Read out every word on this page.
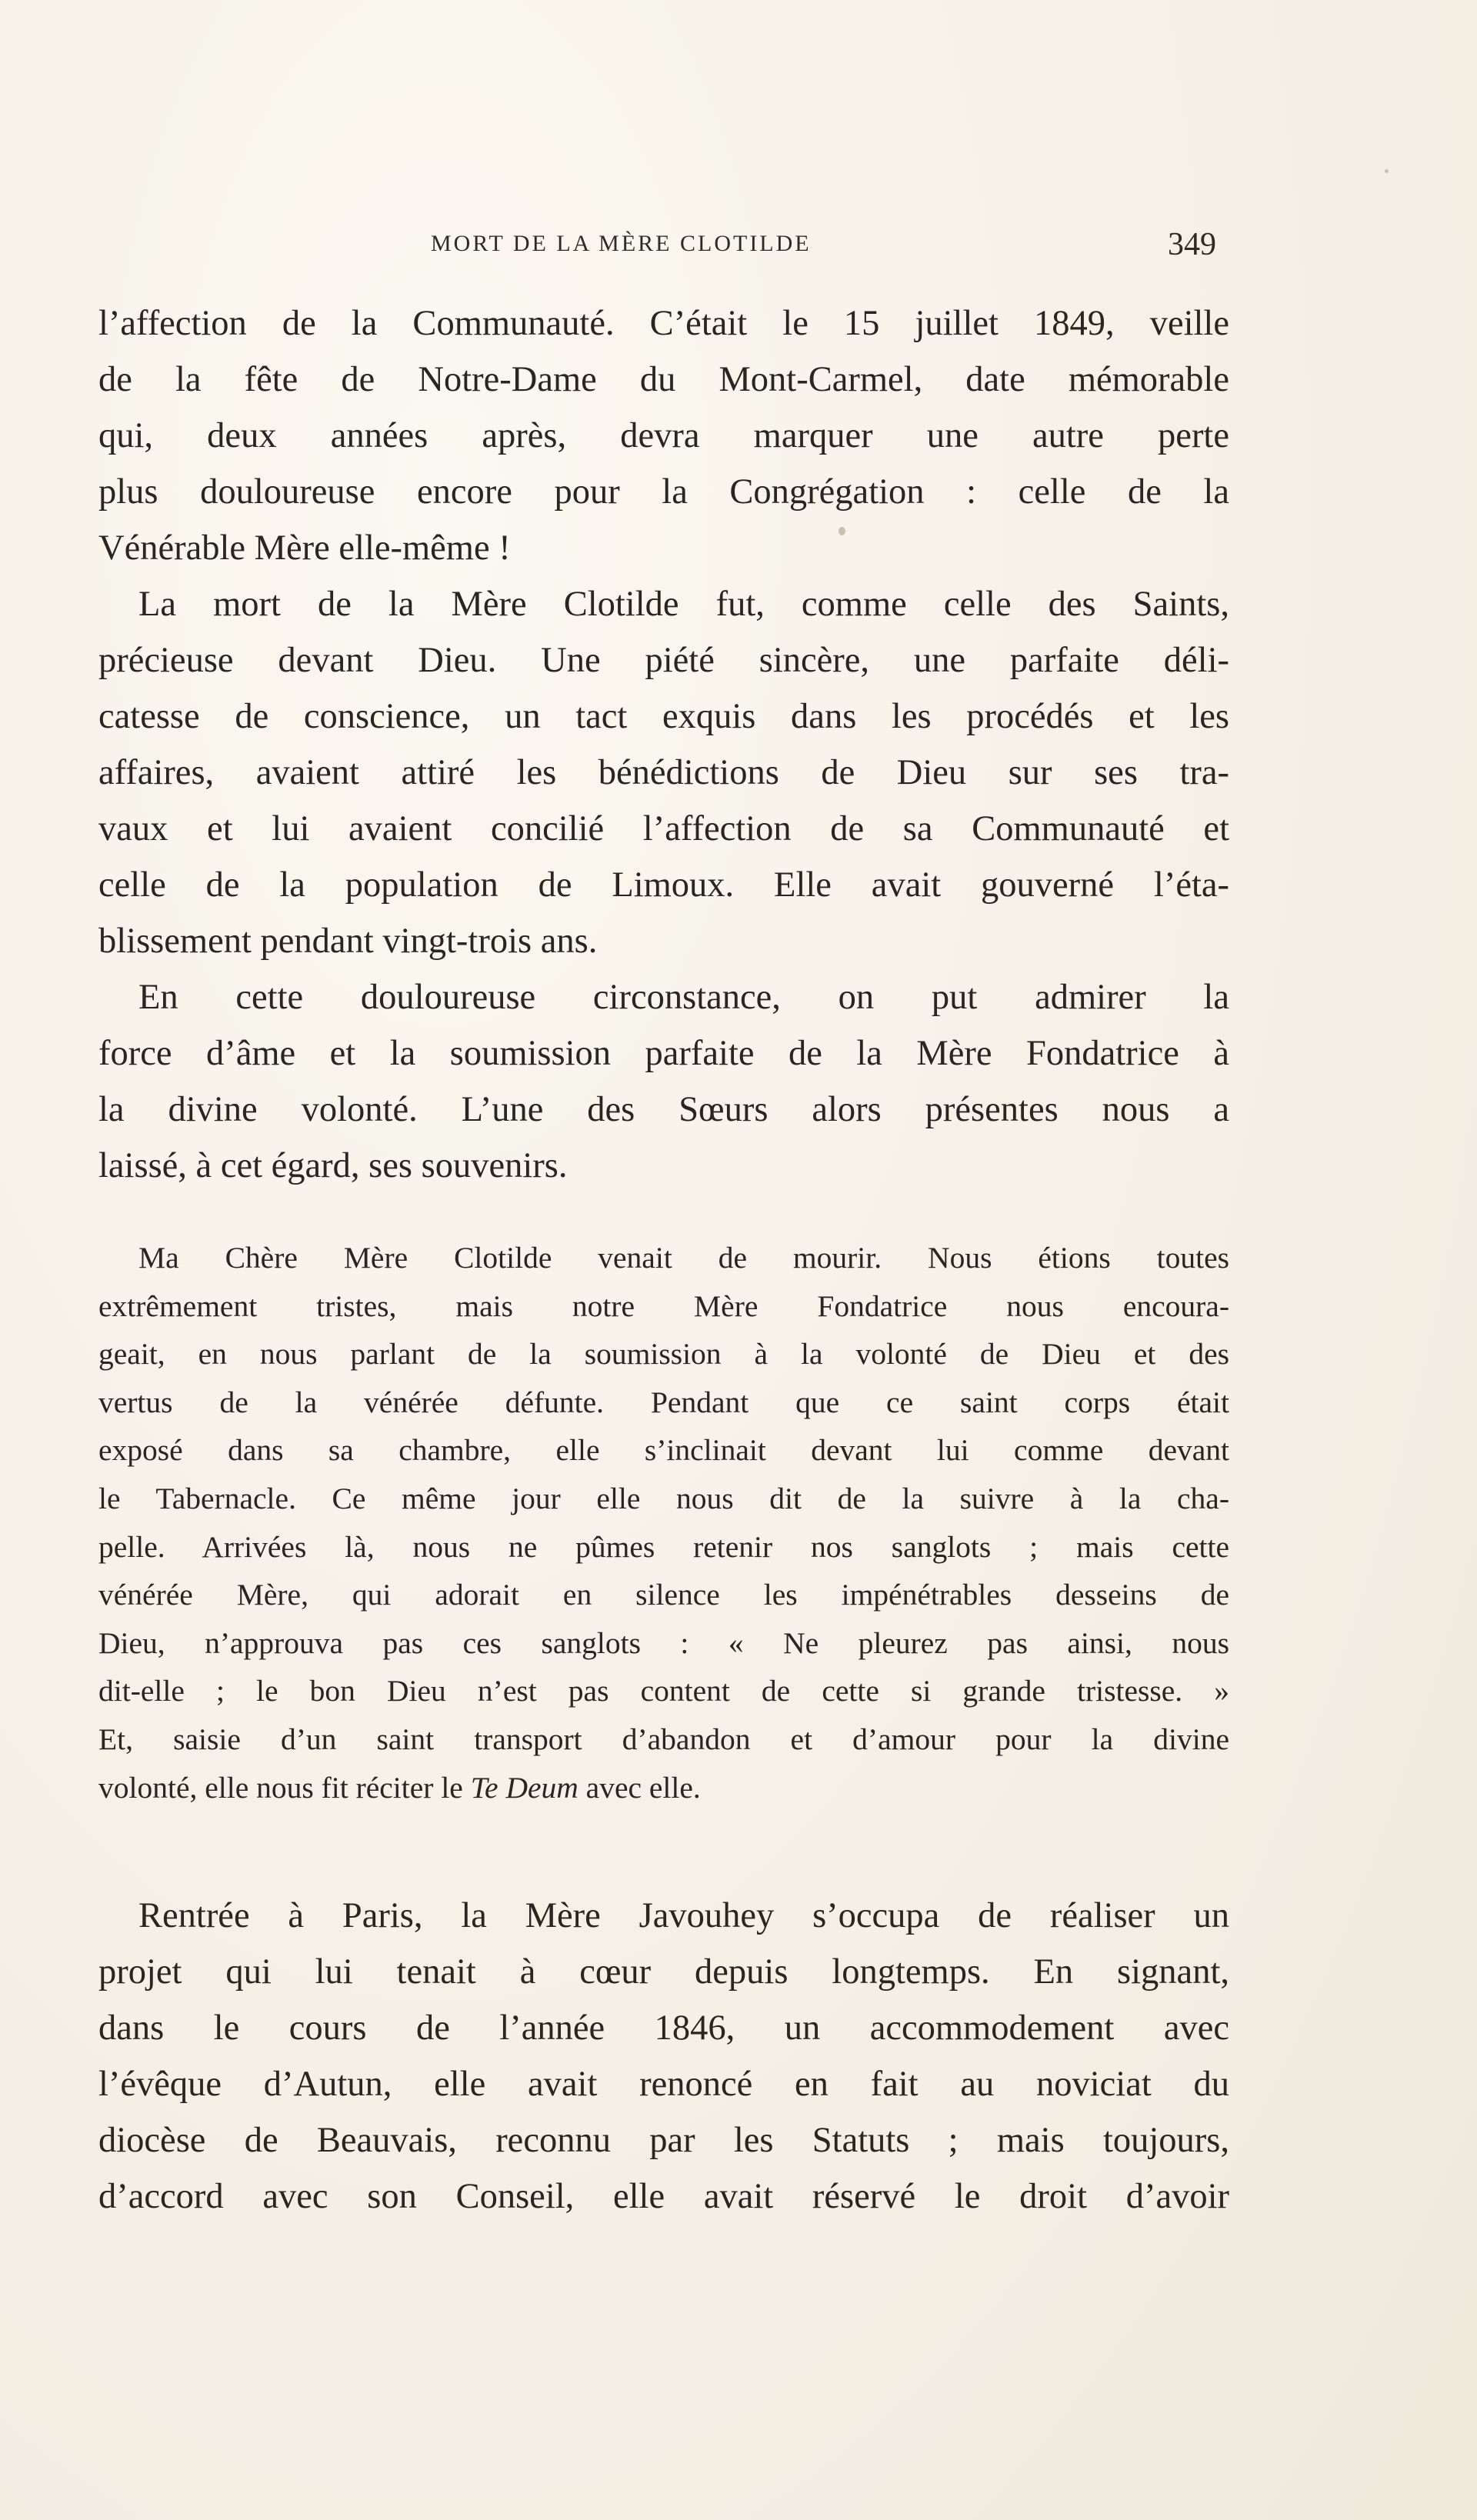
MORT DE LA MÈRE CLOTILDE	349
l’affection de la Communauté. C’était le 15 juillet 1849, veille
de la fête de Notre-Dame du Mont-Carmel, date mémorable
qui, deux années après, devra marquer une autre perte
plus douloureuse encore pour la Congrégation : celle de la
Vénérable Mère elle-même !
La mort de la Mère Clotilde fut, comme celle des Saints,
précieuse devant Dieu. Une piété sincère, une parfaite déli-
catesse de conscience, un tact exquis dans les procédés et les
affaires, avaient attiré les bénédictions de Dieu sur ses tra-
vaux et lui avaient concilié l’affection de sa Communauté et
celle de la population de Limoux. Elle avait gouverné l’éta-
blissement pendant vingt-trois ans.
En cette douloureuse circonstance, on put admirer la
force d’âme et la soumission parfaite de la Mère Fondatrice à
la divine volonté. L’une des Sœurs alors présentes nous a
laissé, à cet égard, ses souvenirs.
Ma Chère Mère Clotilde venait de mourir. Nous étions toutes
extrêmement tristes, mais notre Mère Fondatrice nous encoura-
geait, en nous parlant de la soumission à la volonté de Dieu et des
vertus de la vénérée défunte. Pendant que ce saint corps était
exposé dans sa chambre, elle s’inclinait devant lui comme devant
le Tabernacle. Ce même jour elle nous dit de la suivre à la cha-
pelle. Arrivées là, nous ne pûmes retenir nos sanglots ; mais cette
vénérée Mère, qui adorait en silence les impénétrables desseins de
Dieu, n’approuva pas ces sanglots : « Ne pleurez pas ainsi, nous
dit-elle ; le bon Dieu n’est pas content de cette si grande tristesse. »
Et, saisie d’un saint transport d’abandon et d’amour pour la divine
volonté, elle nous fit réciter le Te Deum avec elle.
Rentrée à Paris, la Mère Javouhey s’occupa de réaliser un
projet qui lui tenait à cœur depuis longtemps. En signant,
dans le cours de l’année 1846, un accommodement avec
l’évêque d’Autun, elle avait renoncé en fait au noviciat du
diocèse de Beauvais, reconnu par les Statuts ; mais toujours,
d’accord avec son Conseil, elle avait réservé le droit d’avoir
